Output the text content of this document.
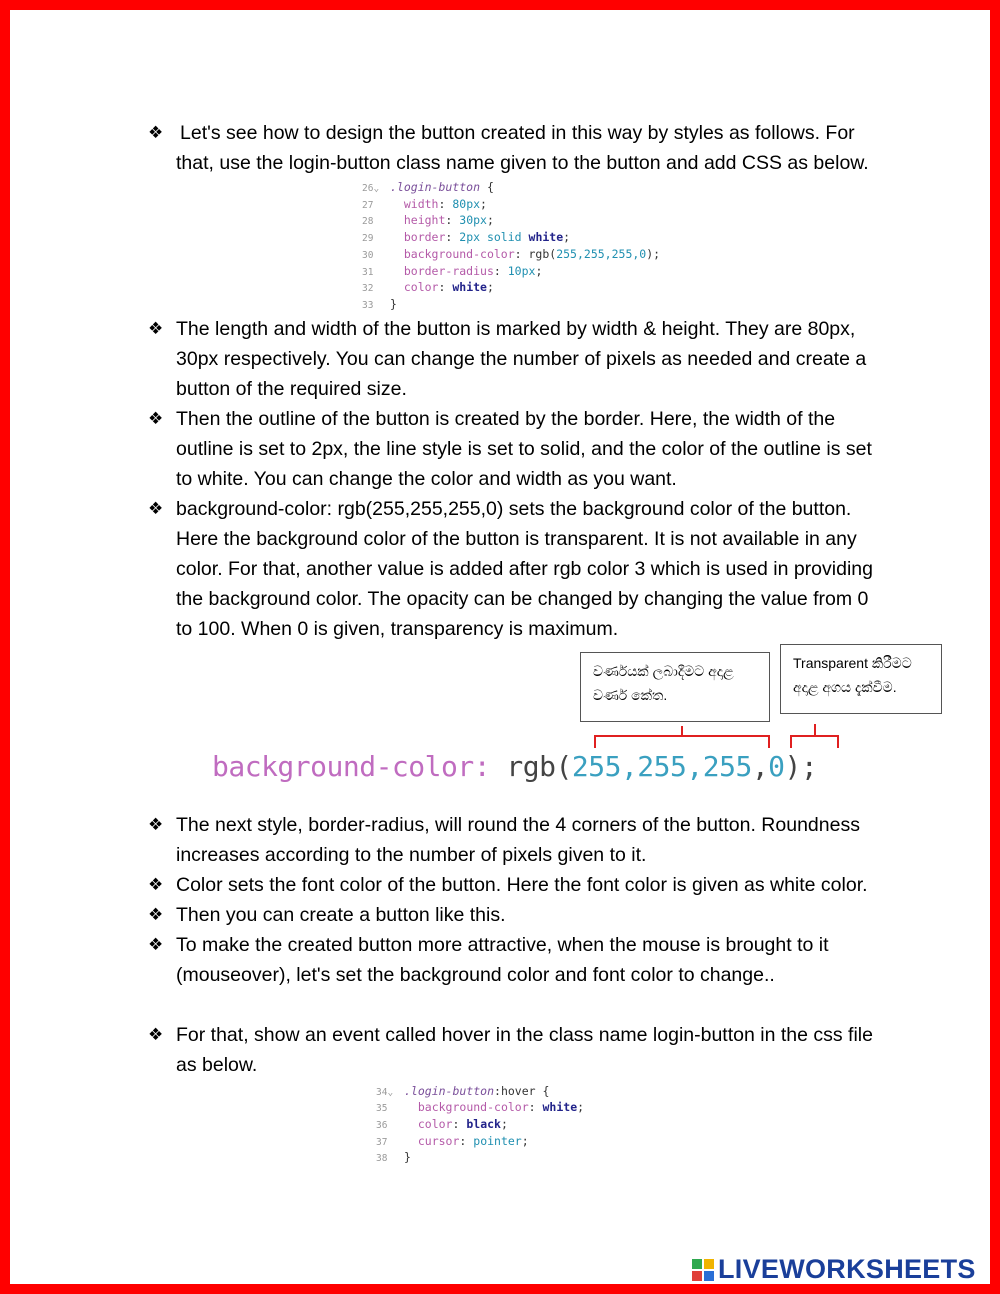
❖ Let's see how to design the button created in this way by styles as follows. For that, use the login-button class name given to the button and add CSS as below.
26⌄ .login-button {
27	width: 80px;
28	height: 30px;
29	border: 2px solid white;
30	background-color: rgb(255,255,255,0);
31	border-radius: 10px;
32	color: white;
33 }
❖ The length and width of the button is marked by width & height. They are 80px, 30px respectively. You can change the number of pixels as needed and create a button of the required size.
❖ Then the outline of the button is created by the border. Here, the width of the outline is set to 2px, the line style is set to solid, and the color of the outline is set to white. You can change the color and width as you want.
❖ background-color: rgb(255,255,255,0) sets the background color of the button. Here the background color of the button is transparent. It is not available in any color. For that, another value is added after rgb color 3 which is used in providing the background color. The opacity can be changed by changing the value from 0 to 100. When 0 is given, transparency is maximum.
වර්ණයක් ලබාදීමට අදාළ වර්ණ කේත.
Transparent කිරීමට අදාළ අගය දැක්වීම.
background-color: rgb(255,255,255,0);
❖ The next style, border-radius, will round the 4 corners of the button. Roundness increases according to the number of pixels given to it.
❖ Color sets the font color of the button. Here the font color is given as white color.
❖ Then you can create a button like this.
❖ To make the created button more attractive, when the mouse is brought to it (mouseover), let's set the background color and font color to change..
❖ For that, show an event called hover in the class name login-button in the css file as below.
34⌄ .login-button:hover {
35	background-color: white;
36	color: black;
37	cursor: pointer;
38 }
LIVEWORKSHEETS
